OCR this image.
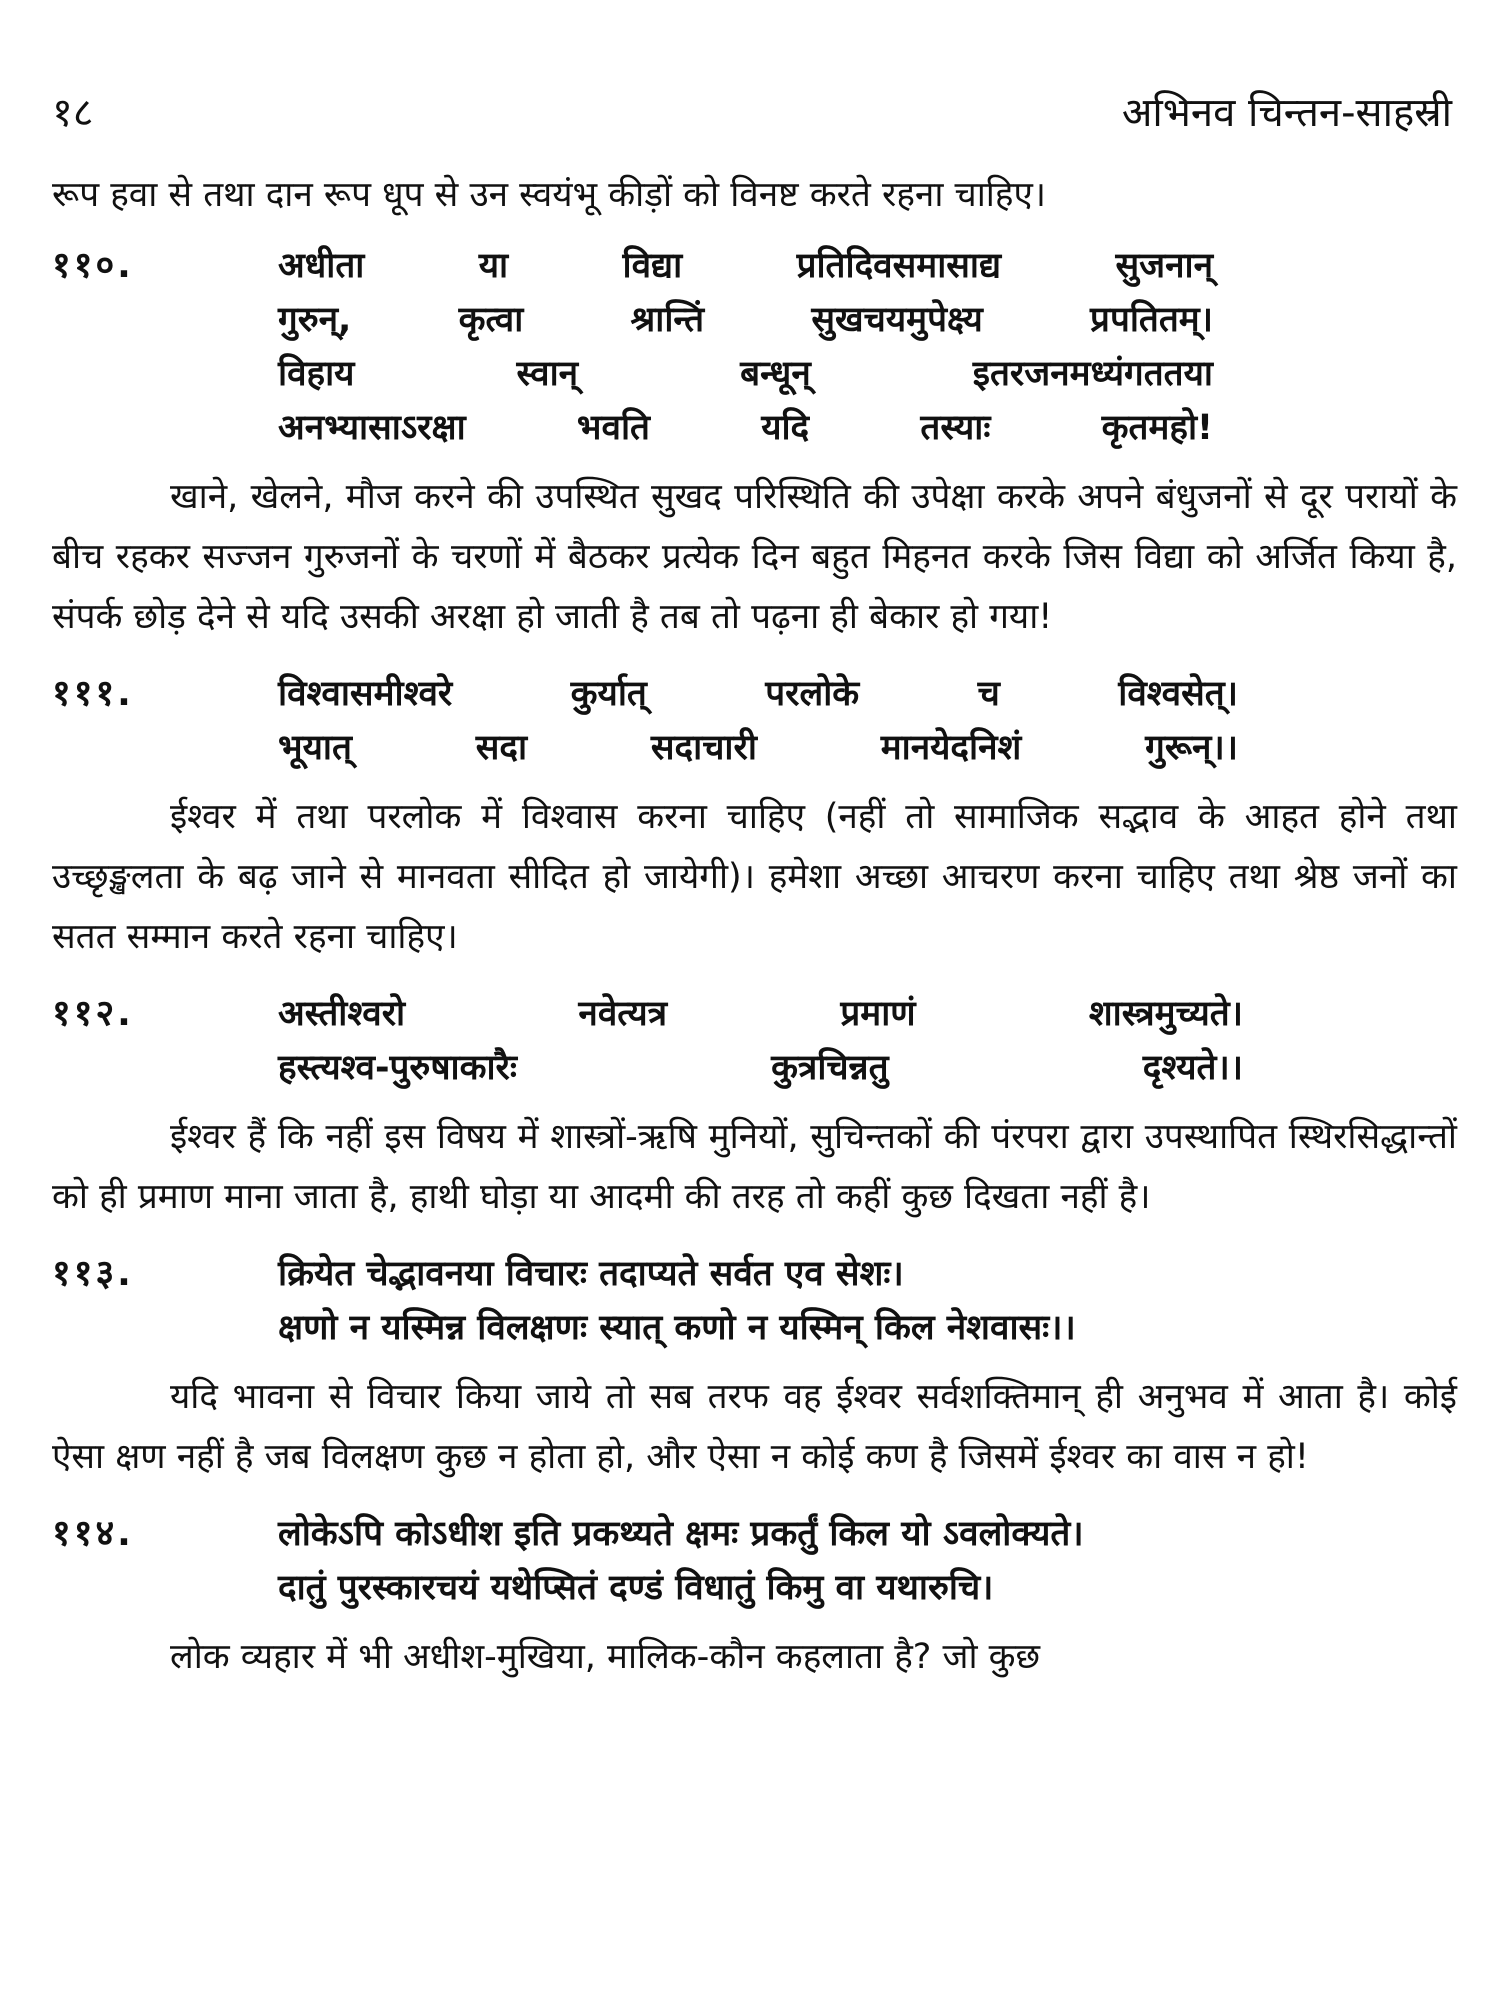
१८	अभिनव चिन्तन-साहस्री

रूप हवा से तथा दान रूप धूप से उन स्वयंभू कीड़ों को विनष्ट करते रहना चाहिए।

११०.	अधीता या विद्या प्रतिदिवसमासाद्य सुजनान्
गुरुन्, कृत्वा श्रान्तिं सुखचयमुपेक्ष्य प्रपतितम्।
विहाय स्वान् बन्धून् इतरजनमध्यंगततया
अनभ्यासाऽरक्षा भवति यदि तस्याः कृतमहो!

खाने, खेलने, मौज करने की उपस्थित सुखद परिस्थिति की उपेक्षा करके अपने बंधुजनों से दूर परायों के बीच रहकर सज्जन गुरुजनों के चरणों में बैठकर प्रत्येक दिन बहुत मिहनत करके जिस विद्या को अर्जित किया है, संपर्क छोड़ देने से यदि उसकी अरक्षा हो जाती है तब तो पढ़ना ही बेकार हो गया!

१११.	विश्वासमीश्वरे कुर्यात् परलोके च विश्वसेत्।
भूयात् सदा सदाचारी मानयेदनिशं गुरून्।।

ईश्वर में तथा परलोक में विश्वास करना चाहिए (नहीं तो सामाजिक सद्भाव के आहत होने तथा उच्छृङ्खलता के बढ़ जाने से मानवता सीदित हो जायेगी)। हमेशा अच्छा आचरण करना चाहिए तथा श्रेष्ठ जनों का सतत सम्मान करते रहना चाहिए।

११२.	अस्तीश्वरो नवेत्यत्र प्रमाणं शास्त्रमुच्यते।
हस्त्यश्व-पुरुषाकारैः कुत्रचिन्नतु दृश्यते।।

ईश्वर हैं कि नहीं इस विषय में शास्त्रों-ऋषि मुनियों, सुचिन्तकों की पंरपरा द्वारा उपस्थापित स्थिरसिद्धान्तों को ही प्रमाण माना जाता है, हाथी घोड़ा या आदमी की तरह तो कहीं कुछ दिखता नहीं है।

११३.	क्रियेत चेद्भावनया विचारः तदाप्यते सर्वत एव सेशः।
क्षणो न यस्मिन्न विलक्षणः स्यात् कणो न यस्मिन् किल नेशवासः।।

यदि भावना से विचार किया जाये तो सब तरफ वह ईश्वर सर्वशक्तिमान् ही अनुभव में आता है। कोई ऐसा क्षण नहीं है जब विलक्षण कुछ न होता हो, और ऐसा न कोई कण है जिसमें ईश्वर का वास न हो!

११४.	लोकेऽपि कोऽधीश इति प्रकथ्यते क्षमः प्रकर्तुं किल यो ऽवलोक्यते।
दातुं पुरस्कारचयं यथेप्सितं दण्डं विधातुं किमु वा यथारुचि।

लोक व्यहार में भी अधीश-मुखिया, मालिक-कौन कहलाता है? जो कुछ
